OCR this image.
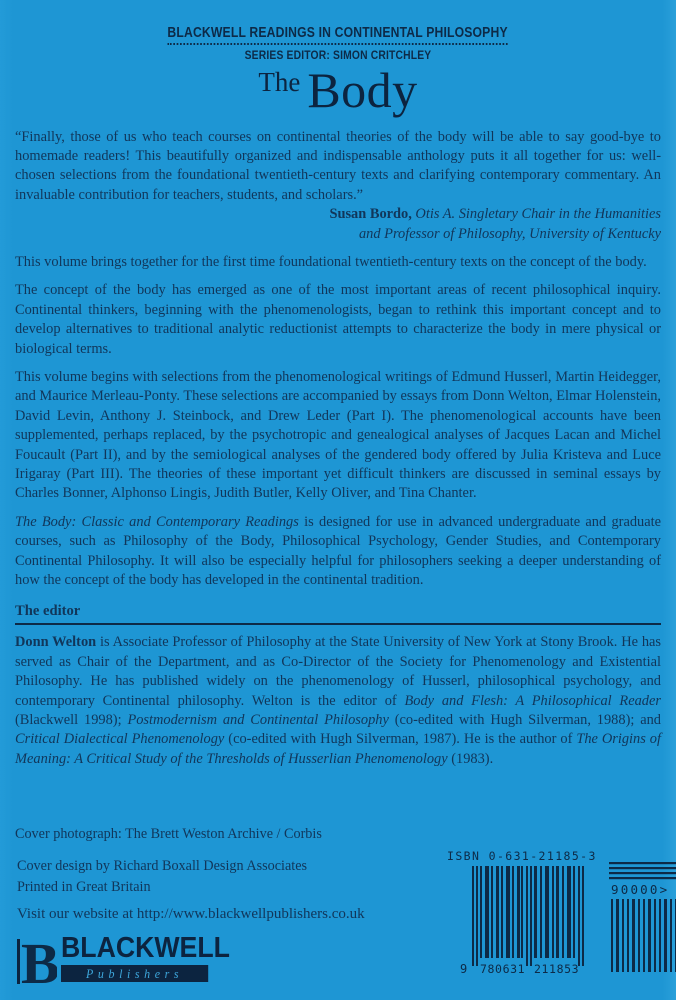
BLACKWELL READINGS IN CONTINENTAL PHILOSOPHY
SERIES EDITOR: SIMON CRITCHLEY
The Body
“Finally, those of us who teach courses on continental theories of the body will be able to say good-bye to homemade readers! This beautifully organized and indispensable anthology puts it all together for us: well-chosen selections from the foundational twentieth-century texts and clarifying contemporary commentary. An invaluable contribution for teachers, students, and scholars.”
Susan Bordo, Otis A. Singletary Chair in the Humanities
and Professor of Philosophy, University of Kentucky
This volume brings together for the first time foundational twentieth-century texts on the concept of the body.
The concept of the body has emerged as one of the most important areas of recent philosophical inquiry. Continental thinkers, beginning with the phenomenologists, began to rethink this important concept and to develop alternatives to traditional analytic reductionist attempts to characterize the body in mere physical or biological terms.
This volume begins with selections from the phenomenological writings of Edmund Husserl, Martin Heidegger, and Maurice Merleau-Ponty. These selections are accompanied by essays from Donn Welton, Elmar Holenstein, David Levin, Anthony J. Steinbock, and Drew Leder (Part I). The phenomenological accounts have been supplemented, perhaps replaced, by the psychotropic and genealogical analyses of Jacques Lacan and Michel Foucault (Part II), and by the semiological analyses of the gendered body offered by Julia Kristeva and Luce Irigaray (Part III). The theories of these important yet difficult thinkers are discussed in seminal essays by Charles Bonner, Alphonso Lingis, Judith Butler, Kelly Oliver, and Tina Chanter.
The Body: Classic and Contemporary Readings is designed for use in advanced undergraduate and graduate courses, such as Philosophy of the Body, Philosophical Psychology, Gender Studies, and Contemporary Continental Philosophy. It will also be especially helpful for philosophers seeking a deeper understanding of how the concept of the body has developed in the continental tradition.
The editor
Donn Welton is Associate Professor of Philosophy at the State University of New York at Stony Brook. He has served as Chair of the Department, and as Co-Director of the Society for Phenomenology and Existential Philosophy. He has published widely on the phenomenology of Husserl, philosophical psychology, and contemporary Continental philosophy. Welton is the editor of Body and Flesh: A Philosophical Reader (Blackwell 1998); Postmodernism and Continental Philosophy (co-edited with Hugh Silverman, 1988); and Critical Dialectical Phenomenology (co-edited with Hugh Silverman, 1987). He is the author of The Origins of Meaning: A Critical Study of the Thresholds of Husserlian Phenomenology (1983).
Cover photograph: The Brett Weston Archive / Corbis
Cover design by Richard Boxall Design Associates
Printed in Great Britain
Visit our website at http://www.blackwellpublishers.co.uk
B BLACKWELL
Publishers
ISBN 0-631-21185-3
9 780631 211853
90000>
